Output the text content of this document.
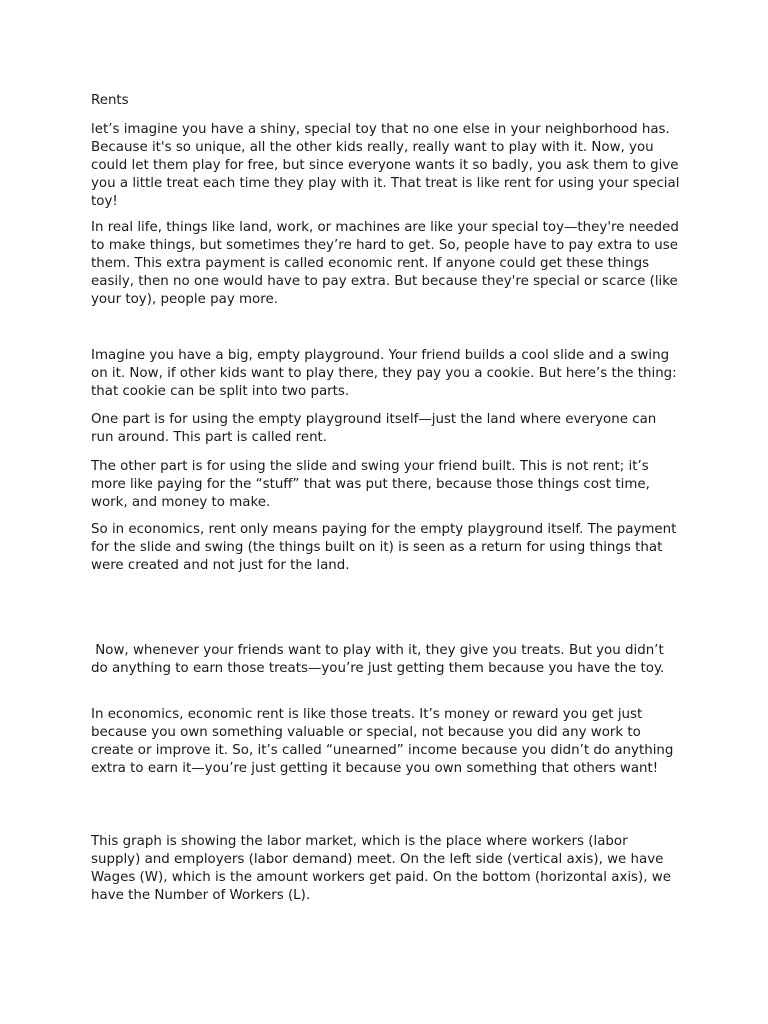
Rents

let’s imagine you have a shiny, special toy that no one else in your neighborhood has. Because it's so unique, all the other kids really, really want to play with it. Now, you could let them play for free, but since everyone wants it so badly, you ask them to give you a little treat each time they play with it. That treat is like rent for using your special toy!

In real life, things like land, work, or machines are like your special toy—they're needed to make things, but sometimes they’re hard to get. So, people have to pay extra to use them. This extra payment is called economic rent. If anyone could get these things easily, then no one would have to pay extra. But because they're special or scarce (like your toy), people pay more.

Imagine you have a big, empty playground. Your friend builds a cool slide and a swing on it. Now, if other kids want to play there, they pay you a cookie. But here’s the thing: that cookie can be split into two parts.

One part is for using the empty playground itself—just the land where everyone can run around. This part is called rent.

The other part is for using the slide and swing your friend built. This is not rent; it’s more like paying for the “stuff” that was put there, because those things cost time, work, and money to make.

So in economics, rent only means paying for the empty playground itself. The payment for the slide and swing (the things built on it) is seen as a return for using things that were created and not just for the land.

Now, whenever your friends want to play with it, they give you treats. But you didn’t do anything to earn those treats—you’re just getting them because you have the toy.

In economics, economic rent is like those treats. It’s money or reward you get just because you own something valuable or special, not because you did any work to create or improve it. So, it’s called “unearned” income because you didn’t do anything extra to earn it—you’re just getting it because you own something that others want!

This graph is showing the labor market, which is the place where workers (labor supply) and employers (labor demand) meet. On the left side (vertical axis), we have Wages (W), which is the amount workers get paid. On the bottom (horizontal axis), we have the Number of Workers (L).
